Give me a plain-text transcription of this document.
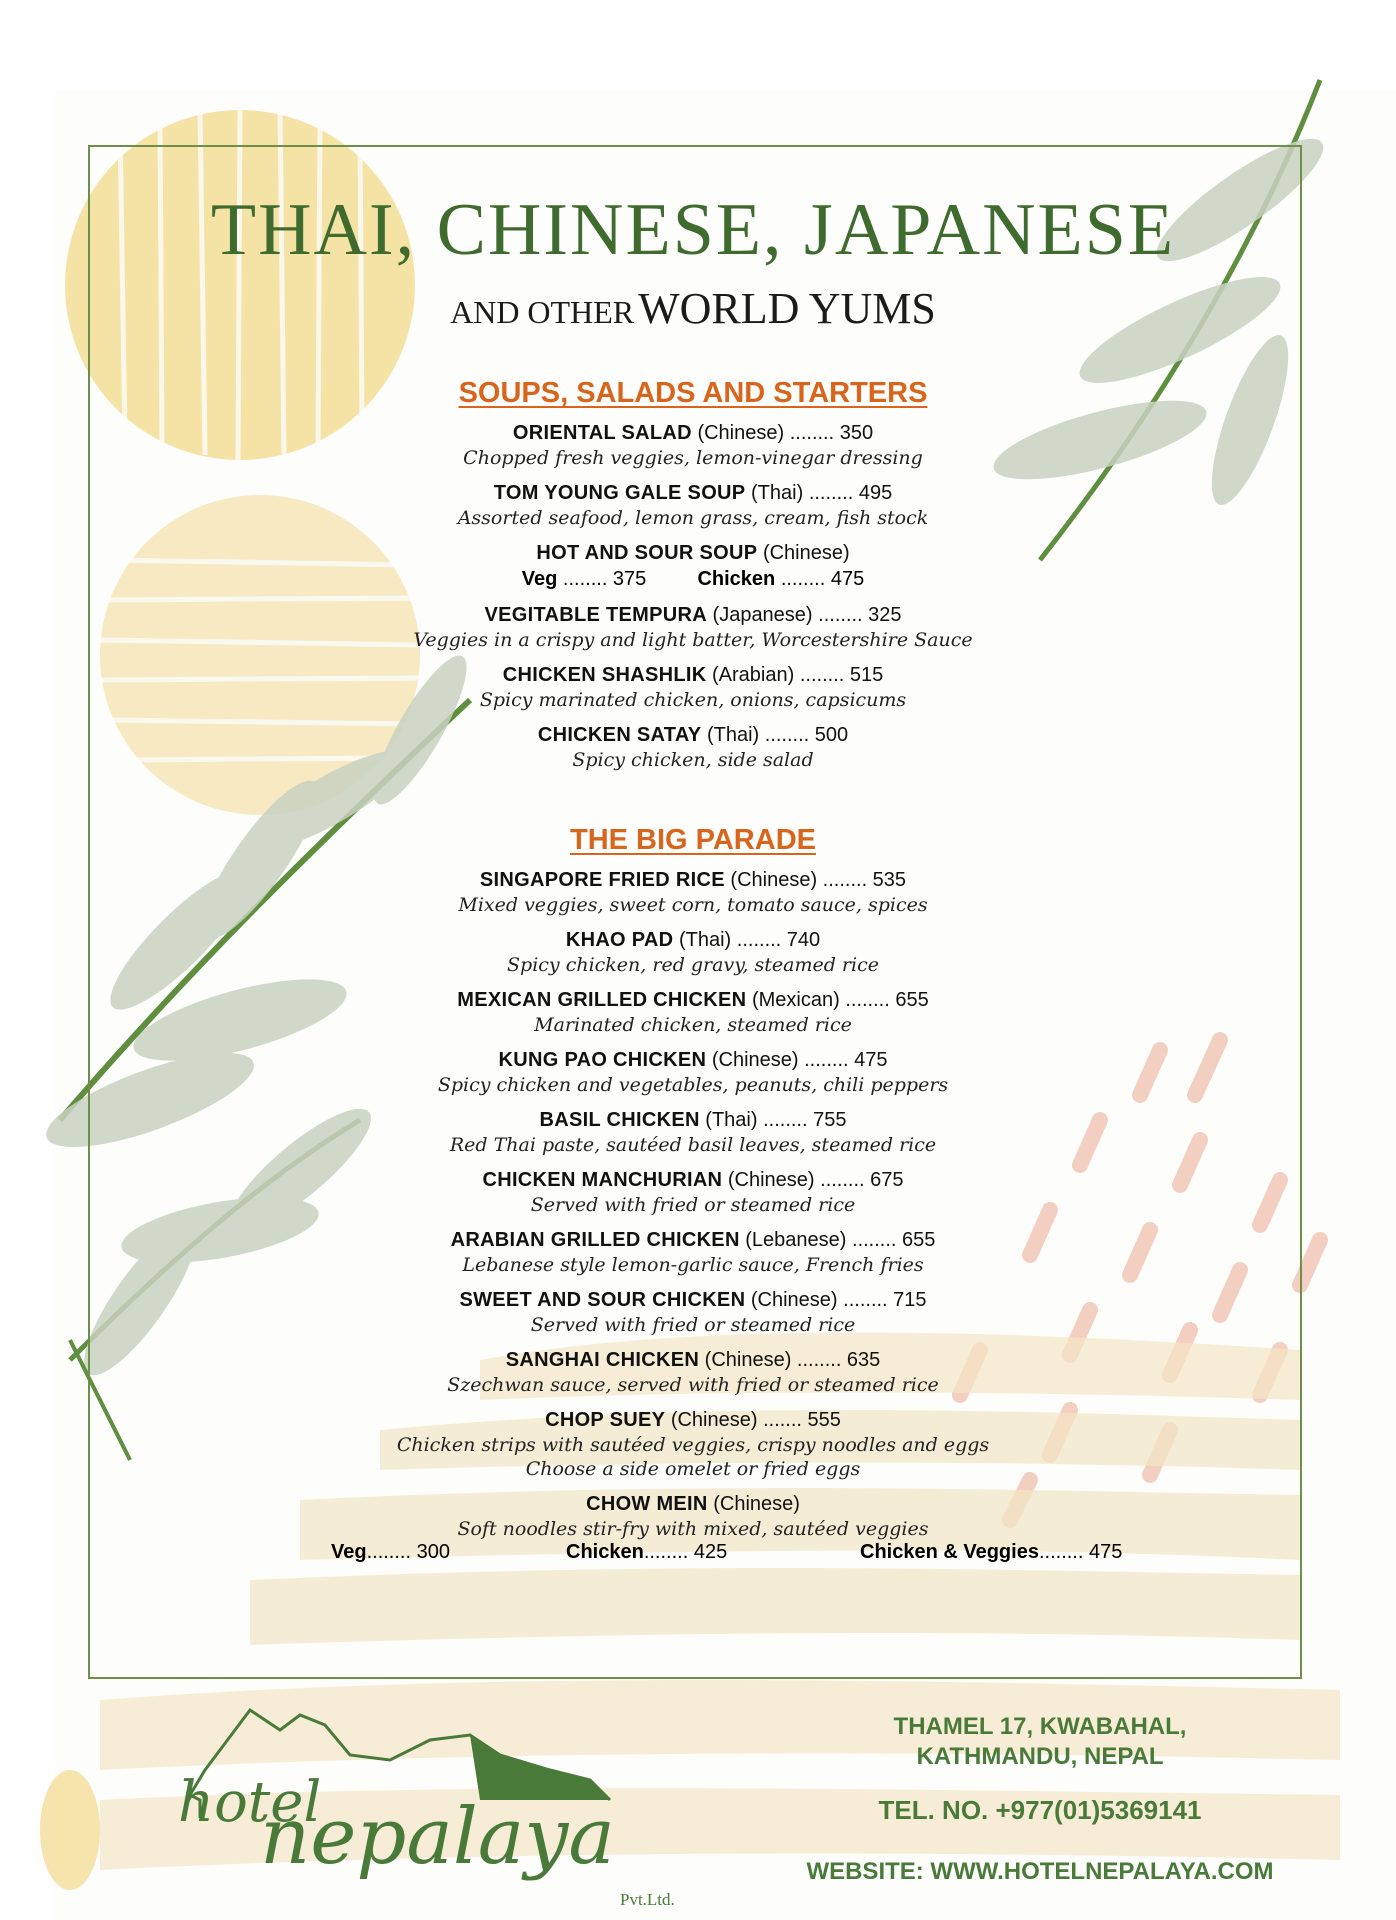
THAI, CHINESE, JAPANESE
AND OTHER WORLD YUMS
SOUPS, SALADS AND STARTERS
ORIENTAL SALAD (Chinese) ........ 350
Chopped fresh veggies, lemon-vinegar dressing
TOM YOUNG GALE SOUP (Thai) ........ 495
Assorted seafood, lemon grass, cream, fish stock
HOT AND SOUR SOUP (Chinese)
Veg ........ 375	Chicken ........ 475
VEGITABLE TEMPURA (Japanese) ........ 325
Veggies in a crispy and light batter, Worcestershire Sauce
CHICKEN SHASHLIK (Arabian) ........ 515
Spicy marinated chicken, onions, capsicums
CHICKEN SATAY (Thai) ........ 500
Spicy chicken, side salad
THE BIG PARADE
SINGAPORE FRIED RICE (Chinese) ........ 535
Mixed veggies, sweet corn, tomato sauce, spices
KHAO PAD (Thai) ........ 740
Spicy chicken, red gravy, steamed rice
MEXICAN GRILLED CHICKEN (Mexican) ........ 655
Marinated chicken, steamed rice
KUNG PAO CHICKEN (Chinese) ........ 475
Spicy chicken and vegetables, peanuts, chili peppers
BASIL CHICKEN (Thai) ........ 755
Red Thai paste, sautéed basil leaves, steamed rice
CHICKEN MANCHURIAN (Chinese) ........ 675
Served with fried or steamed rice
ARABIAN GRILLED CHICKEN (Lebanese) ........ 655
Lebanese style lemon-garlic sauce, French fries
SWEET AND SOUR CHICKEN (Chinese) ........ 715
Served with fried or steamed rice
SANGHAI CHICKEN (Chinese) ........ 635
Szechwan sauce, served with fried or steamed rice
CHOP SUEY (Chinese) ....... 555
Chicken strips with sautéed veggies, crispy noodles and eggs
Choose a side omelet or fried eggs
CHOW MEIN (Chinese)
Soft noodles stir-fry with mixed, sautéed veggies
Veg ........ 300	Chicken ........ 425	Chicken & Veggies ........ 475
hotel
nepalaya
Pvt.Ltd.
THAMEL 17, KWABAHAL,
KATHMANDU, NEPAL
TEL. NO. +977(01)5369141
WEBSITE: WWW.HOTELNEPALAYA.COM
